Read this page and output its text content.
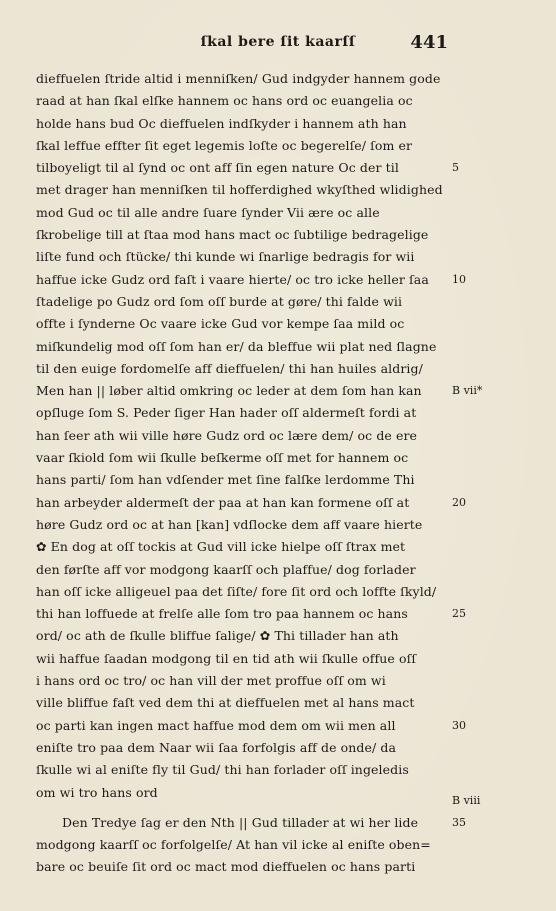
ſkal bere ſit kaarſſ	441
dieffuelen ſtride altid i menniſken/ Gud indgyder hannem gode
raad at han ſkal elſke hannem oc hans ord oc euangelia oc
holde hans bud Oc dieffuelen indſkyder i hannem ath han
ſkal leffue effter ſit eget legemis loſte oc begerelſe/ ſom er
tilboyeligt til al ſynd oc ont aff ſin egen nature Oc der til
met drager han menniſken til hofferdighed wkyſthed wlidighed
mod Gud oc til alle andre ſuare ſynder Vii ære oc alle
ſkrobelige till at ſtaa mod hans mact oc ſubtilige bedragelige
liſte fund och ſtücke/ thi kunde wi ſnarlige bedragis for wii
haffue icke Gudz ord faſt i vaare hierte/ oc tro icke heller ſaa
ſtadelige po Gudz ord ſom oſſ burde at gøre/ thi falde wii
offte i ſynderne Oc vaare icke Gud vor kempe ſaa mild oc
miſkundelig mod oſſ ſom han er/ da bleffue wii plat ned ſlagne
til den euige fordomelſe aff dieffuelen/ thi han huiles aldrig/
Men han || løber altid omkring oc leder at dem ſom han kan
opſluge ſom S. Peder ſiger Han hader oſſ aldermeſt fordi at
han ſeer ath wii ville høre Gudz ord oc lære dem/ oc de ere
vaar ſkiold ſom wii ſkulle beſkerme oſſ met for hannem oc
hans parti/ ſom han vdſender met ſine falſke lerdomme Thi
han arbeyder aldermeſt der paa at han kan formene oſſ at
høre Gudz ord oc at han [kan] vdſlocke dem aff vaare hierte
✿ En dog at oſſ tockis at Gud vill icke hielpe oſſ ſtrax met
den førſte aff vor modgong kaarſſ och plaffue/ dog forlader
han oſſ icke alligeuel paa det ſiſte/ fore ſit ord och loffte ſkyld/
thi han loffuede at frelſe alle ſom tro paa hannem oc hans
ord/ oc ath de ſkulle bliffue ſalige/ ✿ Thi tillader han ath
wii haffue ſaadan modgong til en tid ath wii ſkulle offue oſſ
i hans ord oc tro/ oc han vill der met proffue oſſ om wi
ville bliffue faſt ved dem thi at dieffuelen met al hans mact
oc parti kan ingen mact haffue mod dem om wii men all
eniſte tro paa dem Naar wii ſaa forfolgis aff de onde/ da
ſkulle wi al eniſte fly til Gud/ thi han forlader oſſ ingeledis
om wi tro hans ord
Den Tredye ſag er den Nth || Gud tillader at wi her lide
modgong kaarſſ oc forfolgelſe/ At han vil icke al eniſte oben=
bare oc beuiſe ſit ord oc mact mod dieffuelen oc hans parti
5
10
B vii*
20
25
30
B viii
35
